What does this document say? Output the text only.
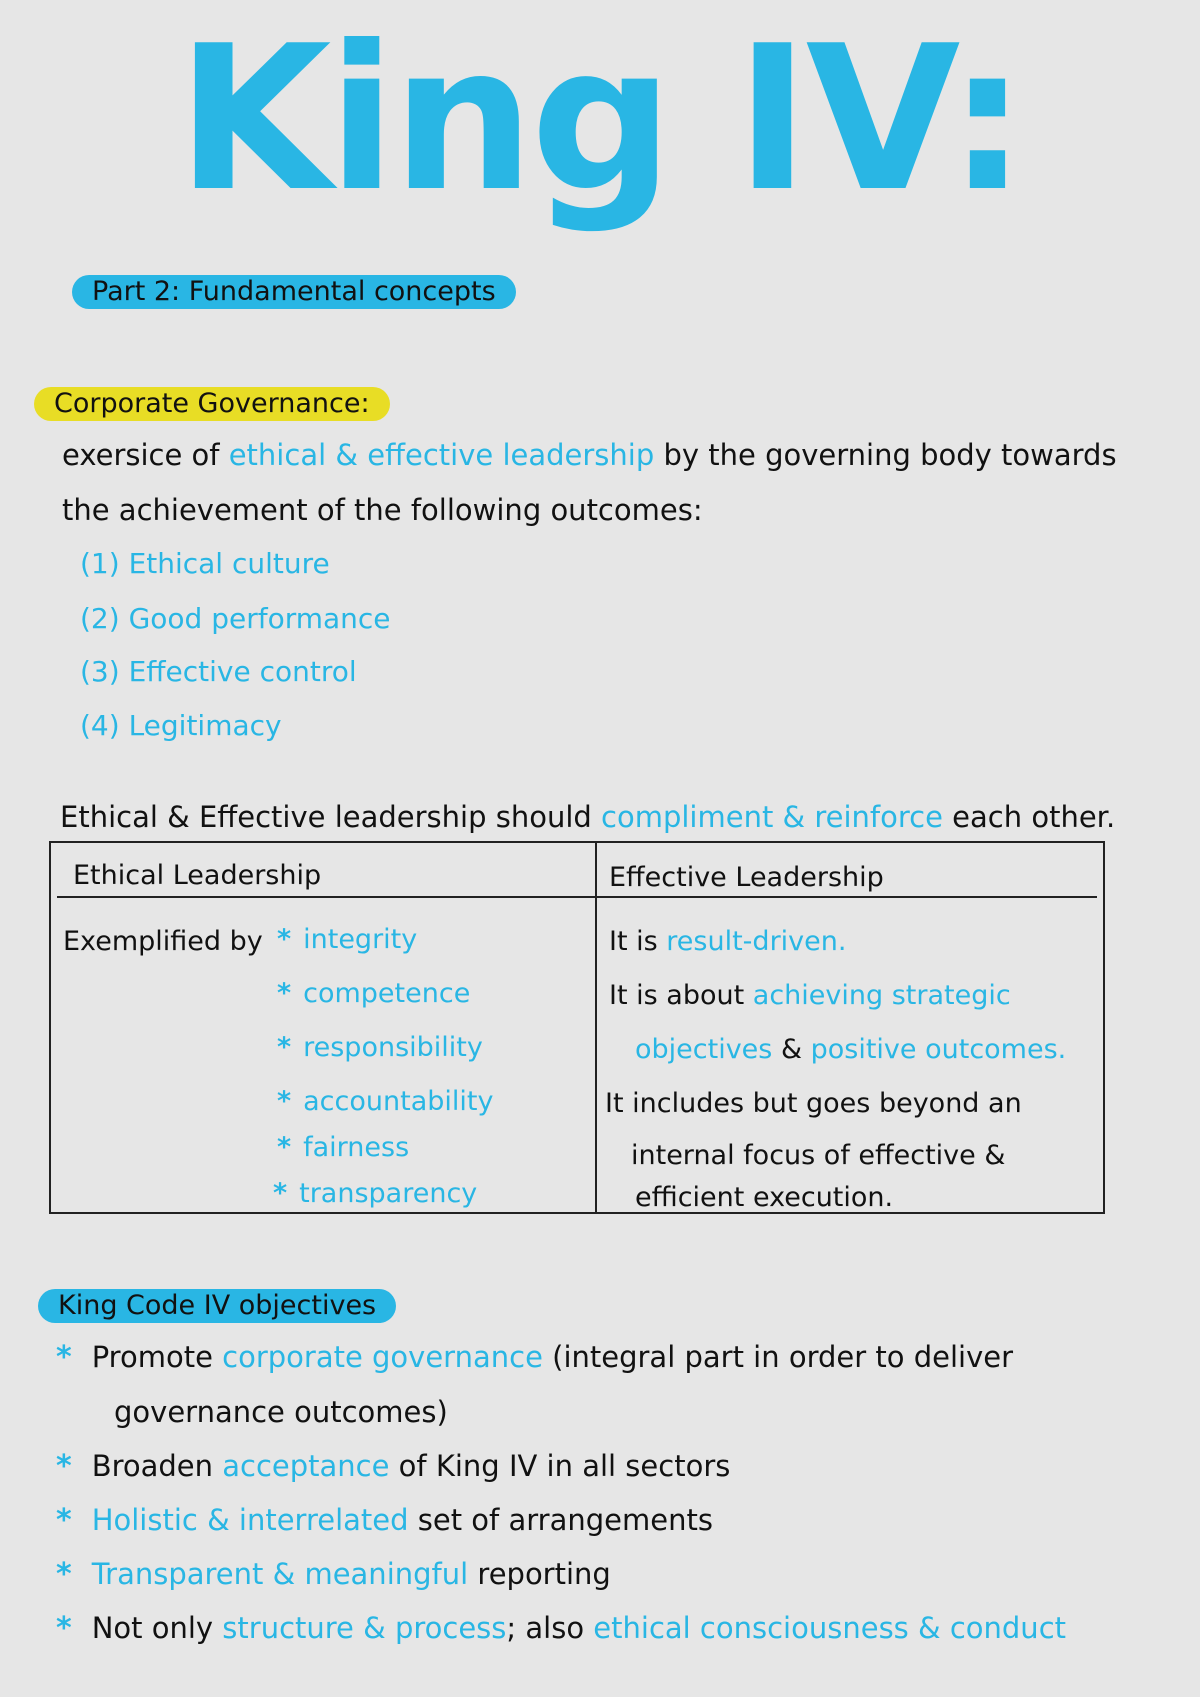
King IV:
Part 2: Fundamental concepts
Corporate Governance:
exersice of ethical & effective leadership by the governing body towards
the achievement of the following outcomes:
(1) Ethical culture
(2) Good performance
(3) Effective control
(4) Legitimacy
Ethical & Effective leadership should compliment & reinforce each other.
Ethical Leadership	Effective Leadership
Exemplified by * integrity
* competence
* responsibility
* accountability
* fairness
* transparency
It is result-driven.
It is about achieving strategic
objectives & positive outcomes.
It includes but goes beyond an
internal focus of effective &
efficient execution.
King Code IV objectives
* Promote corporate governance (integral part in order to deliver
governance outcomes)
* Broaden acceptance of King IV in all sectors
* Holistic & interrelated set of arrangements
* Transparent & meaningful reporting
* Not only structure & process; also ethical consciousness & conduct
